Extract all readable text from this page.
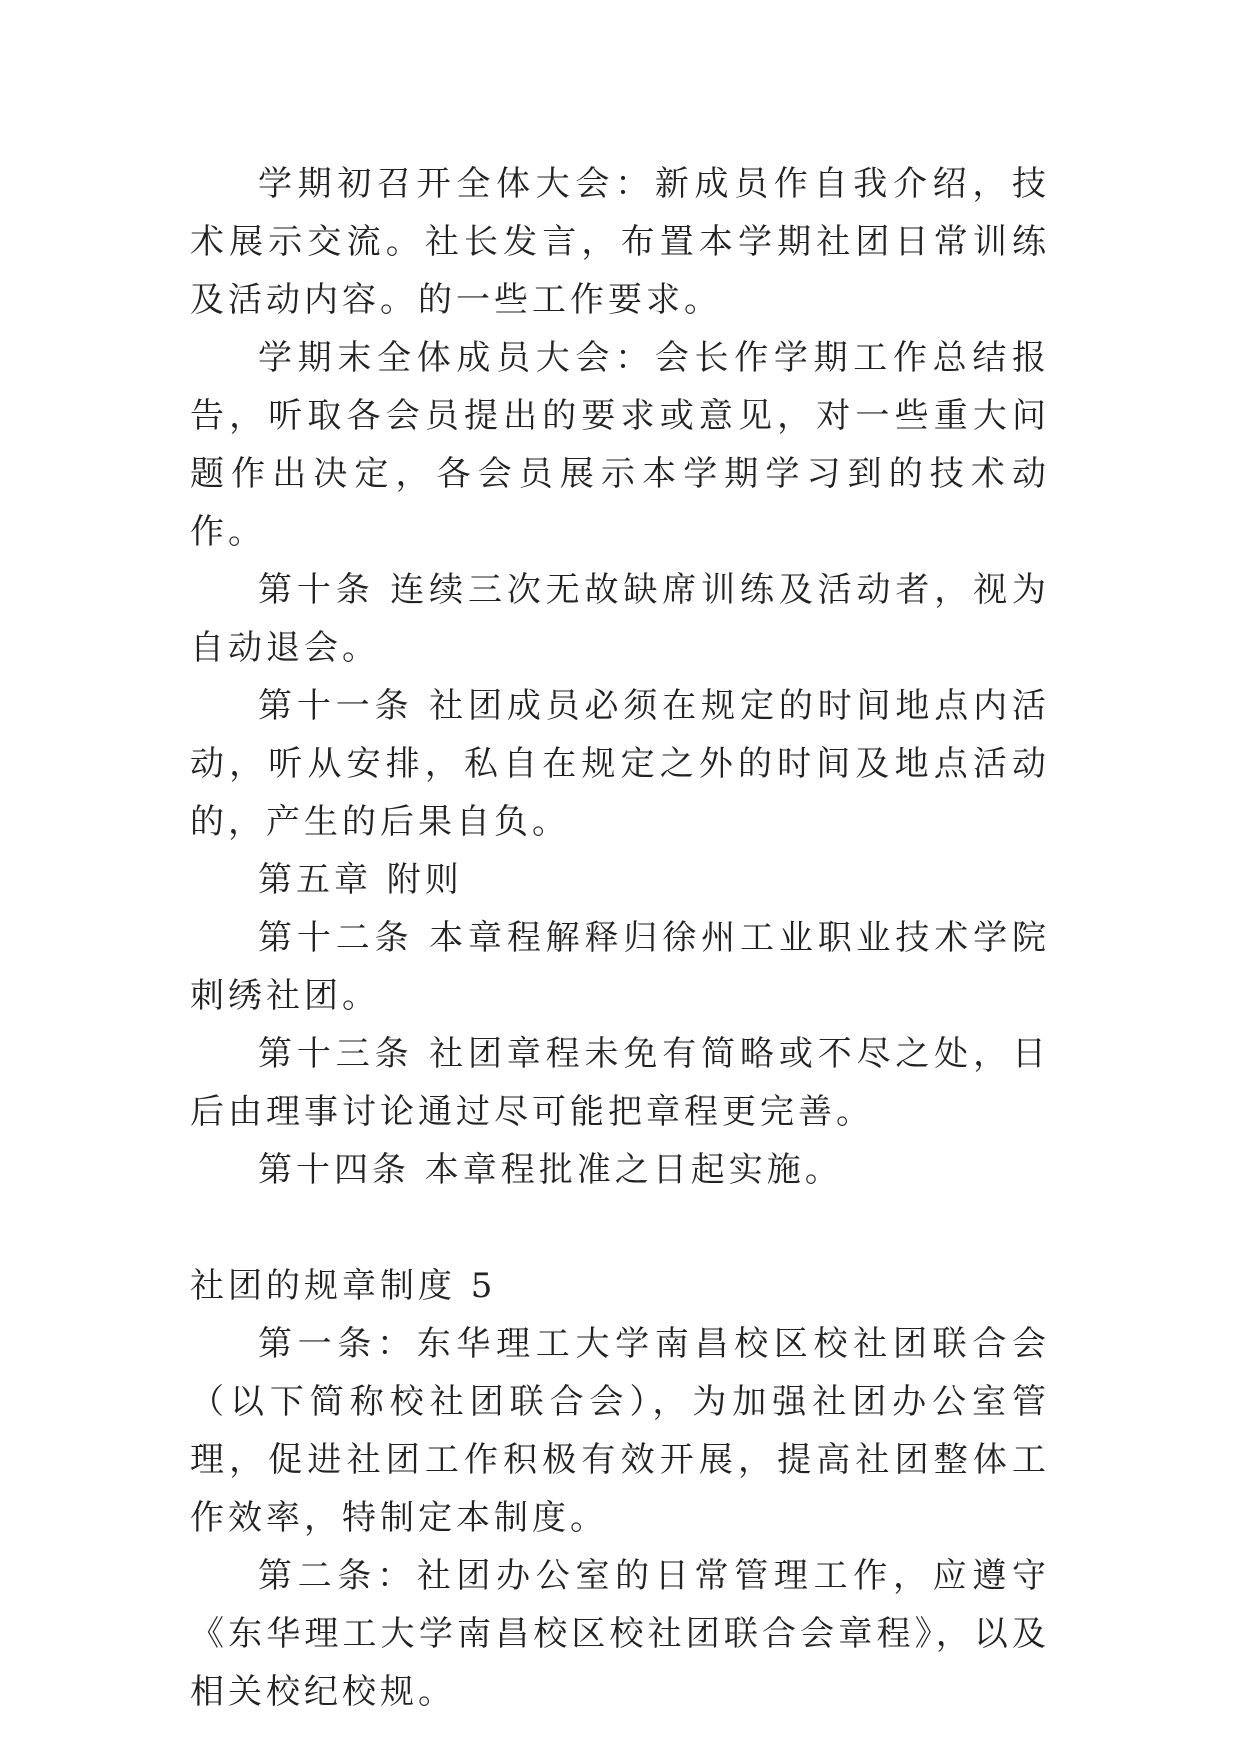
学期初召开全体大会：新成员作自我介绍，技术展示交流。社长发言，布置本学期社团日常训练及活动内容。的一些工作要求。

学期末全体成员大会：会长作学期工作总结报告，听取各会员提出的要求或意见，对一些重大问题作出决定，各会员展示本学期学习到的技术动作。

第十条 连续三次无故缺席训练及活动者，视为自动退会。

第十一条 社团成员必须在规定的时间地点内活动，听从安排，私自在规定之外的时间及地点活动的，产生的后果自负。

第五章 附则

第十二条 本章程解释归徐州工业职业技术学院刺绣社团。

第十三条 社团章程未免有简略或不尽之处，日后由理事讨论通过尽可能把章程更完善。

第十四条 本章程批准之日起实施。

社团的规章制度 5

第一条：东华理工大学南昌校区校社团联合会（以下简称校社团联合会），为加强社团办公室管理，促进社团工作积极有效开展，提高社团整体工作效率，特制定本制度。

第二条：社团办公室的日常管理工作，应遵守《东华理工大学南昌校区校社团联合会章程》，以及相关校纪校规。
